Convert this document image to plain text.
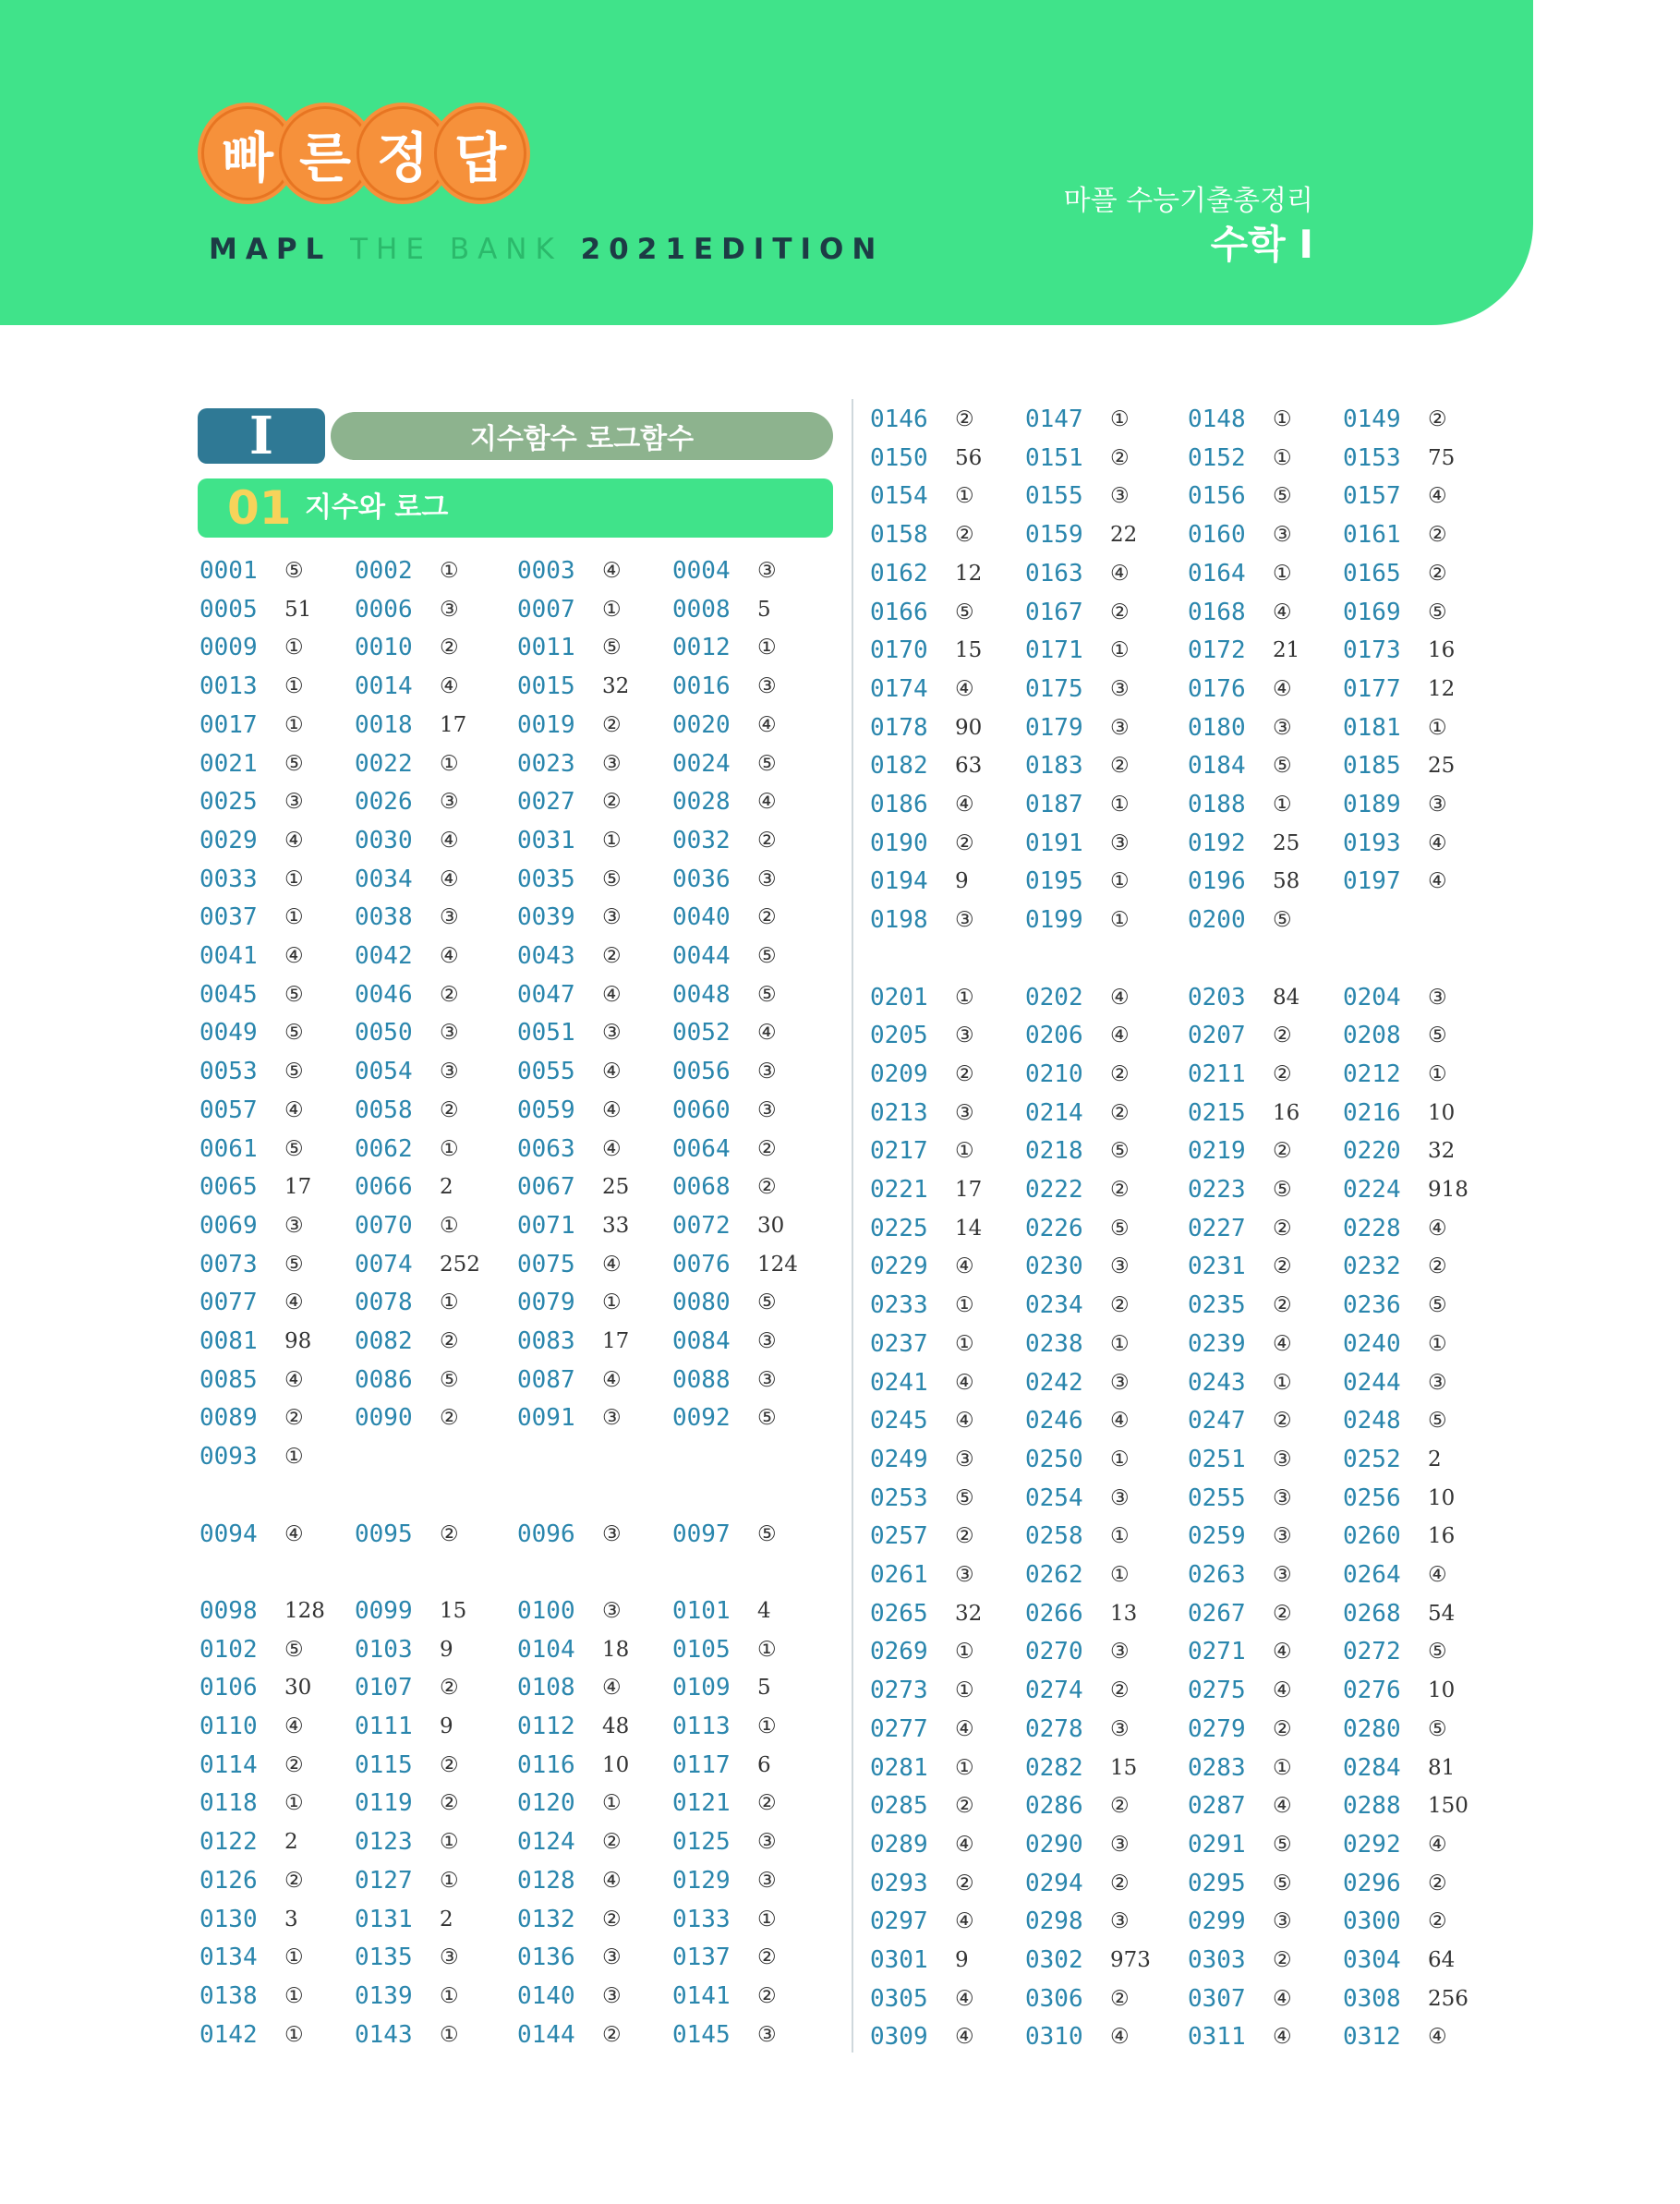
빠 른 정 답
MAPL THE BANK 2021EDITION
마플 수능기출총정리
수학 I
I	지수함수 로그함수
01 지수와 로그
0001	⑤ 0002	① 0003	④ 0004	③
0005	51 0006	③ 0007	① 0008	5
0009	① 0010	② 0011	⑤ 0012	①
0013	① 0014	④ 0015	32 0016	③
0017	① 0018	17 0019	② 0020	④
0021	⑤ 0022	① 0023	③ 0024	⑤
0025	③ 0026	③ 0027	② 0028	④
0029	④ 0030	④ 0031	① 0032	②
0033	① 0034	④ 0035	⑤ 0036	③
0037	① 0038	③ 0039	③ 0040	②
0041	④ 0042	④ 0043	② 0044	⑤
0045	⑤ 0046	② 0047	④ 0048	⑤
0049	⑤ 0050	③ 0051	③ 0052	④
0053	⑤ 0054	③ 0055	④ 0056	③
0057	④ 0058	② 0059	④ 0060	③
0061	⑤ 0062	① 0063	④ 0064	②
0065	17 0066	2	0067	25 0068	②
0069	③ 0070	① 0071	33 0072	30
0073	⑤ 0074	252 0075	④ 0076	124
0077	④ 0078	① 0079	① 0080	⑤
0081	98 0082	② 0083	17 0084	③
0085	④ 0086	⑤ 0087	④ 0088	③
0089	② 0090	② 0091	③ 0092	⑤
0093	①
0094	④ 0095	② 0096	③ 0097	⑤
0098	128 0099	15 0100	③ 0101	4
0102	⑤ 0103	9	0104	18 0105	①
0106	30 0107	② 0108	④ 0109	5
0110	④ 0111	9	0112	48 0113	①
0114	② 0115	② 0116	10 0117	6
0118	① 0119	② 0120	① 0121	②
0122	2 0123	① 0124	② 0125	③
0126	② 0127	① 0128	④ 0129	③
0130	3 0131	2	0132	② 0133	①
0134	① 0135	③ 0136	③ 0137	②
0138	① 0139	① 0140	③ 0141	②
0142	① 0143	① 0144	② 0145	③
0146	② 0147	① 0148	① 0149	②
0150	56 0151	② 0152	① 0153	75
0154	① 0155	③ 0156	⑤ 0157	④
0158	② 0159	22 0160	③ 0161	②
0162	12 0163	④ 0164	① 0165	②
0166	⑤ 0167	② 0168	④ 0169	⑤
0170	15 0171	① 0172	21 0173	16
0174	④ 0175	③ 0176	④ 0177	12
0178	90 0179	③ 0180	③ 0181	①
0182	63 0183	② 0184	⑤ 0185	25
0186	④ 0187	① 0188	① 0189	③
0190	② 0191	③ 0192	25 0193	④
0194	9 0195	① 0196	58 0197	④
0198	③ 0199	① 0200	⑤
0201	① 0202	④ 0203	84 0204	③
0205	③ 0206	④ 0207	② 0208	⑤
0209	② 0210	② 0211	② 0212	①
0213	③ 0214	② 0215	16 0216	10
0217	① 0218	⑤ 0219	② 0220	32
0221	17 0222	② 0223	⑤ 0224	918
0225	14 0226	⑤ 0227	② 0228	④
0229	④ 0230	③ 0231	② 0232	②
0233	① 0234	② 0235	② 0236	⑤
0237	① 0238	① 0239	④ 0240	①
0241	④ 0242	③ 0243	① 0244	③
0245	④ 0246	④ 0247	② 0248	⑤
0249	③ 0250	① 0251	③ 0252	2
0253	⑤ 0254	③ 0255	③ 0256	10
0257	② 0258	① 0259	③ 0260	16
0261	③ 0262	① 0263	③ 0264	④
0265	32 0266	13 0267	② 0268	54
0269	① 0270	③ 0271	④ 0272	⑤
0273	① 0274	② 0275	④ 0276	10
0277	④ 0278	③ 0279	② 0280	⑤
0281	① 0282	15 0283	① 0284	81
0285	② 0286	② 0287	④ 0288	150
0289	④ 0290	③ 0291	⑤ 0292	④
0293	② 0294	② 0295	⑤ 0296	②
0297	④ 0298	③ 0299	③ 0300	②
0301	9 0302	973 0303	② 0304	64
0305	④ 0306	② 0307	④ 0308	256
0309	④ 0310	④ 0311	④ 0312	④
